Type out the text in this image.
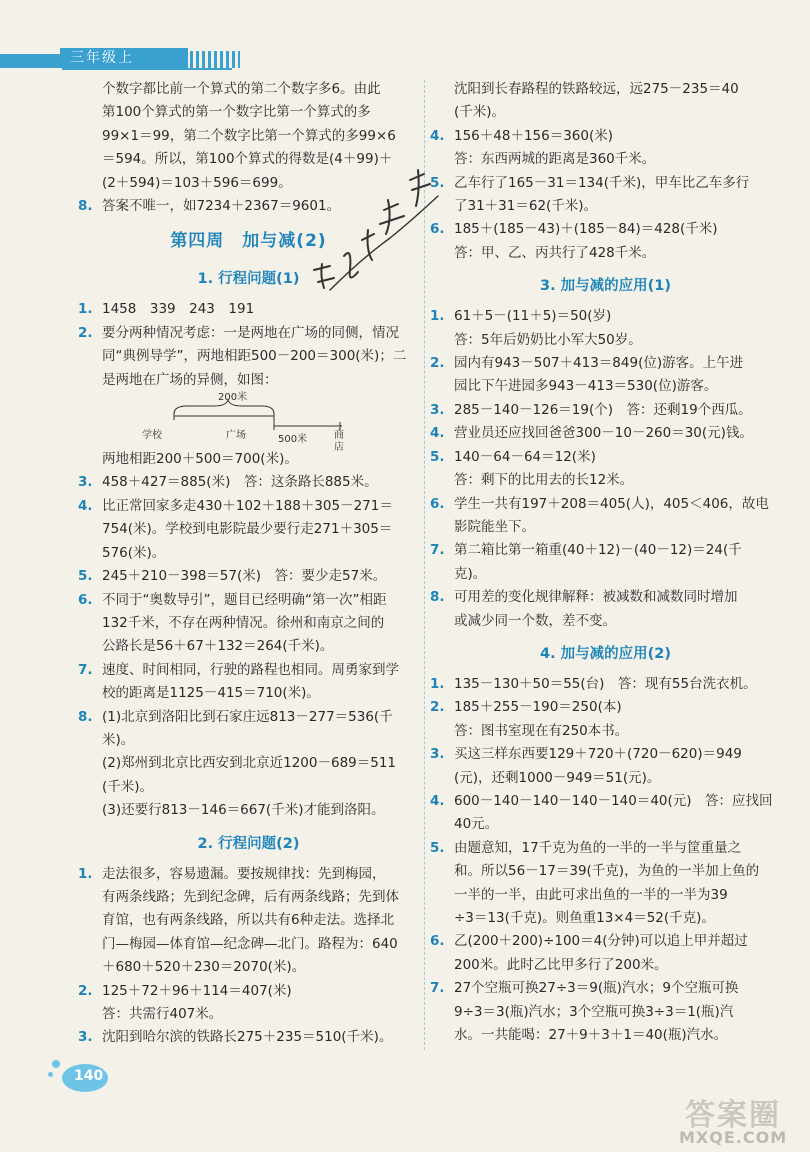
三年级上
个数字都比前一个算式的第二个数字多6。由此
第100个算式的第一个数字比第一个算式的多
99×1＝99，第二个数字比第一个算式的多99×6
＝594。所以，第100个算式的得数是(4＋99)＋
(2＋594)＝103＋596＝699。
8. 答案不唯一，如7234＋2367＝9601。
第四周　加与减(2)
1. 行程问题(1)
1. 1458　339　243　191
2. 要分两种情况考虑：一是两地在广场的同侧，情况
同“典例导学”，两地相距500－200＝300(米)；二
是两地在广场的异侧，如图：
200米
学校	广场	500米	商店
两地相距200＋500＝700(米)。
3. 458＋427＝885(米)　答：这条路长885米。
4. 比正常回家多走430＋102＋188＋305－271＝
754(米)。学校到电影院最少要行走271＋305＝
576(米)。
5. 245＋210－398＝57(米)　答：要少走57米。
6. 不同于“奥数导引”，题目已经明确“第一次”相距
132千米，不存在两种情况。徐州和南京之间的
公路长是56＋67＋132＝264(千米)。
7. 速度、时间相同，行驶的路程也相同。周勇家到学
校的距离是1125－415＝710(米)。
8. (1)北京到洛阳比到石家庄远813－277＝536(千
米)。
(2)郑州到北京比西安到北京近1200－689＝511
(千米)。
(3)还要行813－146＝667(千米)才能到洛阳。
2. 行程问题(2)
1. 走法很多，容易遗漏。要按规律找：先到梅园，
有两条线路；先到纪念碑，后有两条线路；先到体
育馆，也有两条线路，所以共有6种走法。选择北
门—梅园—体育馆—纪念碑—北门。路程为：640
＋680＋520＋230＝2070(米)。
2. 125＋72＋96＋114＝407(米)
答：共需行407米。
3. 沈阳到哈尔滨的铁路长275＋235＝510(千米)。
沈阳到长春路程的铁路较远，远275－235＝40
(千米)。
4. 156＋48＋156＝360(米)
答：东西两城的距离是360千米。
5. 乙车行了165－31＝134(千米)，甲车比乙车多行
了31＋31＝62(千米)。
6. 185＋(185－43)＋(185－84)＝428(千米)
答：甲、乙、丙共行了428千米。
3. 加与减的应用(1)
1. 61＋5－(11＋5)＝50(岁)
答：5年后奶奶比小军大50岁。
2. 园内有943－507＋413＝849(位)游客。上午进
园比下午进园多943－413＝530(位)游客。
3. 285－140－126＝19(个)　答：还剩19个西瓜。
4. 营业员还应找回爸爸300－10－260＝30(元)钱。
5. 140－64－64＝12(米)
答：剩下的比用去的长12米。
6. 学生一共有197＋208＝405(人)，405＜406，故电
影院能坐下。
7. 第二箱比第一箱重(40＋12)－(40－12)＝24(千
克)。
8. 可用差的变化规律解释：被减数和减数同时增加
或减少同一个数，差不变。
4. 加与减的应用(2)
1. 135－130＋50＝55(台)　答：现有55台洗衣机。
2. 185＋255－190＝250(本)
答：图书室现在有250本书。
3. 买这三样东西要129＋720＋(720－620)＝949
(元)，还剩1000－949＝51(元)。
4. 600－140－140－140－140＝40(元)　答：应找回
40元。
5. 由题意知，17千克为鱼的一半的一半与筐重量之
和。所以56－17＝39(千克)，为鱼的一半加上鱼的
一半的一半，由此可求出鱼的一半的一半为39
÷3＝13(千克)。则鱼重13×4＝52(千克)。
6. 乙(200＋200)÷100＝4(分钟)可以追上甲并超过
200米。此时乙比甲多行了200米。
7. 27个空瓶可换27÷3＝9(瓶)汽水；9个空瓶可换
9÷3＝3(瓶)汽水；3个空瓶可换3÷3＝1(瓶)汽
水。一共能喝：27＋9＋3＋1＝40(瓶)汽水。
140
答案圈
MXQE.COM
